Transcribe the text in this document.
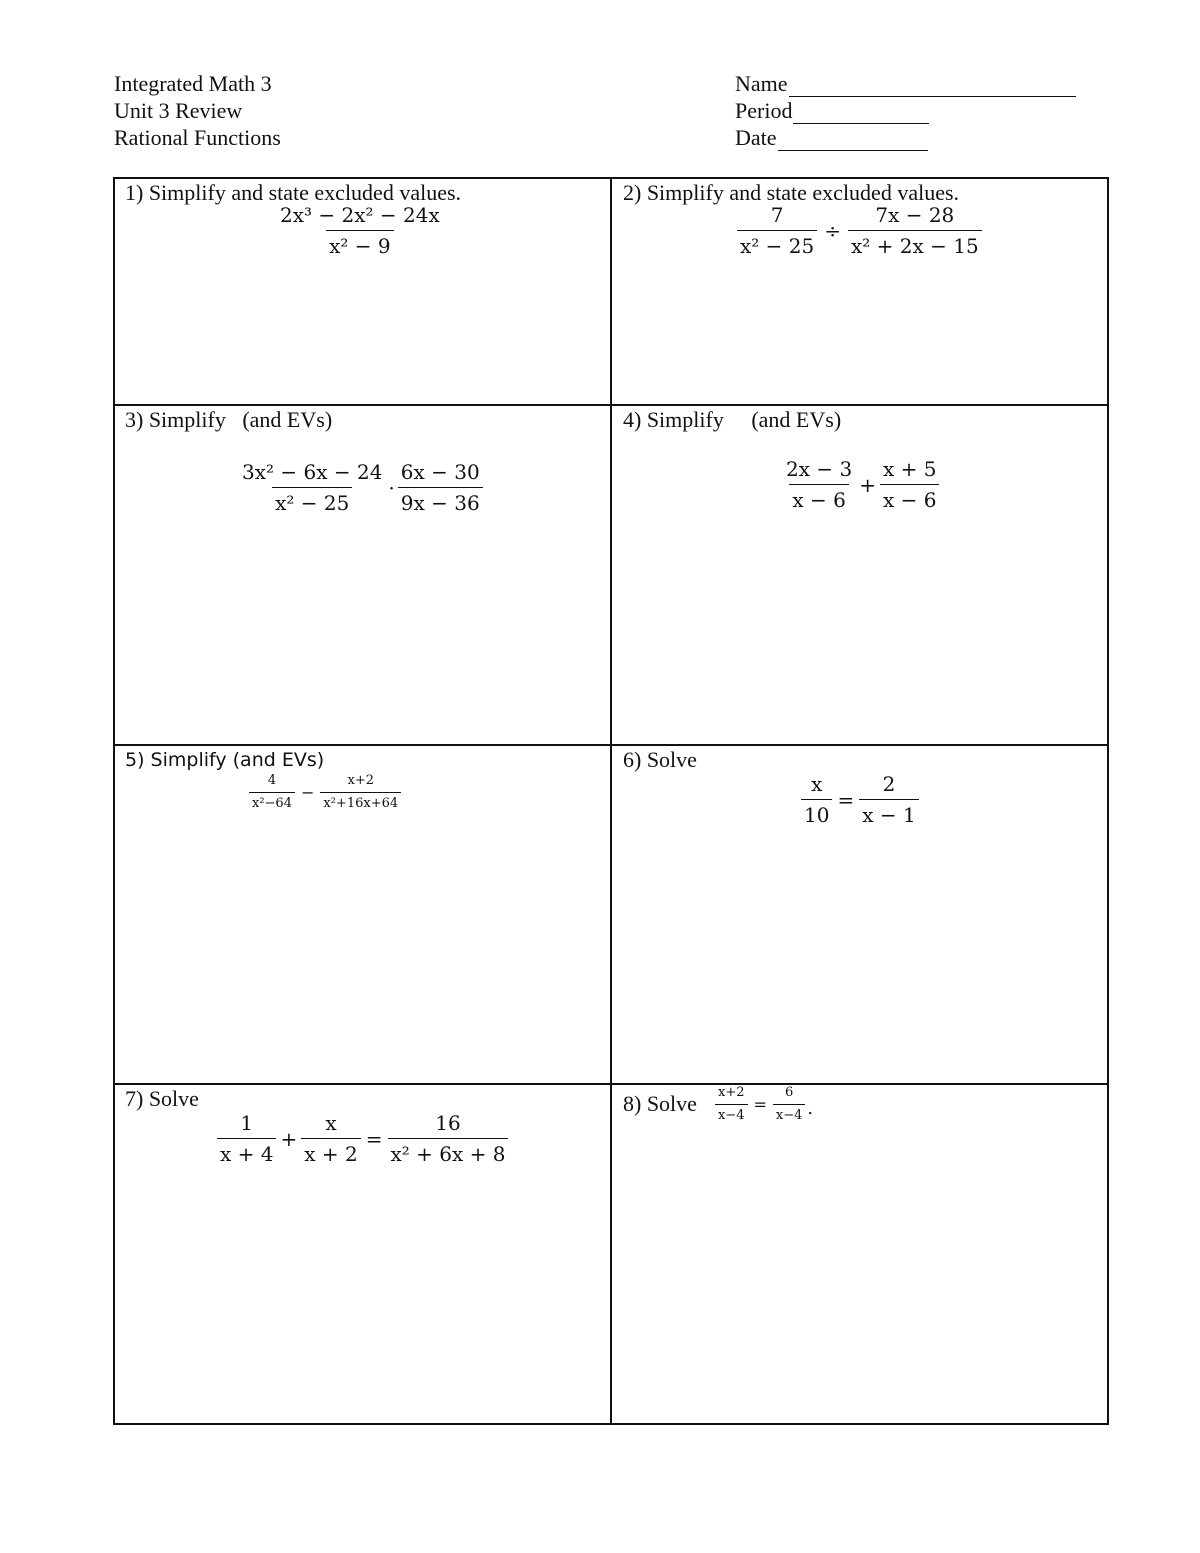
Integrated Math 3
Unit 3 Review
Rational Functions
Name
Period
Date
1) Simplify and state excluded values.
$\frac{\text{2x³ − 2x² − 24x}}{\text{x² − 9}}$
2) Simplify and state excluded values.
$\frac{7}{\text{x² − 25}} \div \frac{7x - 28}{\text{x² + 2x − 15}}$
3) Simplify   (and EVs)
$\frac{\text{3x² − 6x − 24}}{\text{x² − 25}} \cdot \frac{6x - 30}{9x - 36}$
4) Simplify     (and EVs)
$\frac{2x - 3}{x - 6} + \frac{x + 5}{x - 6}$
5) Simplify (and EVs)
$\frac{4}{\text{x²−64}} - \frac{x+2}{\text{x²+16x+64}}$
6) Solve
$\frac{x}{10} = \frac{2}{x - 1}$
7) Solve
$\frac{1}{x + 4} + \frac{x}{x + 2} = \frac{16}{\text{x² + 6x + 8}}$
8) Solve $\frac{x+2}{x-4} = \frac{6}{x-4}$ .
